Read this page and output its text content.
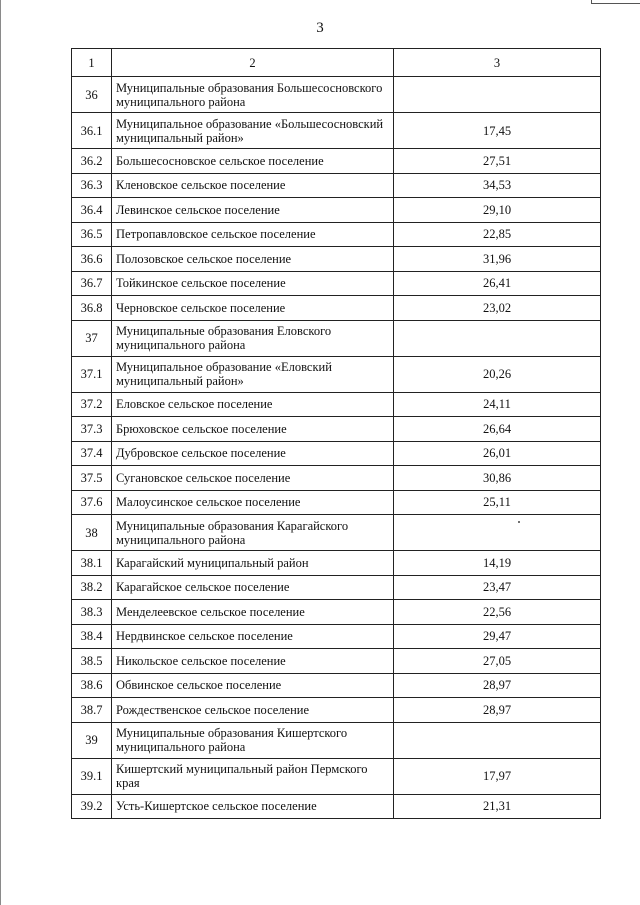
3
1	2	3
36	Муниципальные образования Большесосновского муниципального района	
36.1	Муниципальное образование «Большесосновский муниципальный район»	17,45
36.2	Большесосновское сельское поселение	27,51
36.3	Кленовское сельское поселение	34,53
36.4	Левинское сельское поселение	29,10
36.5	Петропавловское сельское поселение	22,85
36.6	Полозовское сельское поселение	31,96
36.7	Тойкинское сельское поселение	26,41
36.8	Черновское сельское поселение	23,02
37	Муниципальные образования Еловского муниципального района	
37.1	Муниципальное образование «Еловский муниципальный район»	20,26
37.2	Еловское сельское поселение	24,11
37.3	Брюховское сельское поселение	26,64
37.4	Дубровское сельское поселение	26,01
37.5	Сугановское сельское поселение	30,86
37.6	Малоусинское сельское поселение	25,11
38	Муниципальные образования Карагайского муниципального района	
38.1	Карагайский муниципальный район	14,19
38.2	Карагайское сельское поселение	23,47
38.3	Менделеевское сельское поселение	22,56
38.4	Нердвинское сельское поселение	29,47
38.5	Никольское сельское поселение	27,05
38.6	Обвинское сельское поселение	28,97
38.7	Рождественское сельское поселение	28,97
39	Муниципальные образования Кишертского муниципального района	
39.1	Кишертский муниципальный район Пермского края	17,97
39.2	Усть-Кишертское сельское поселение	21,31
